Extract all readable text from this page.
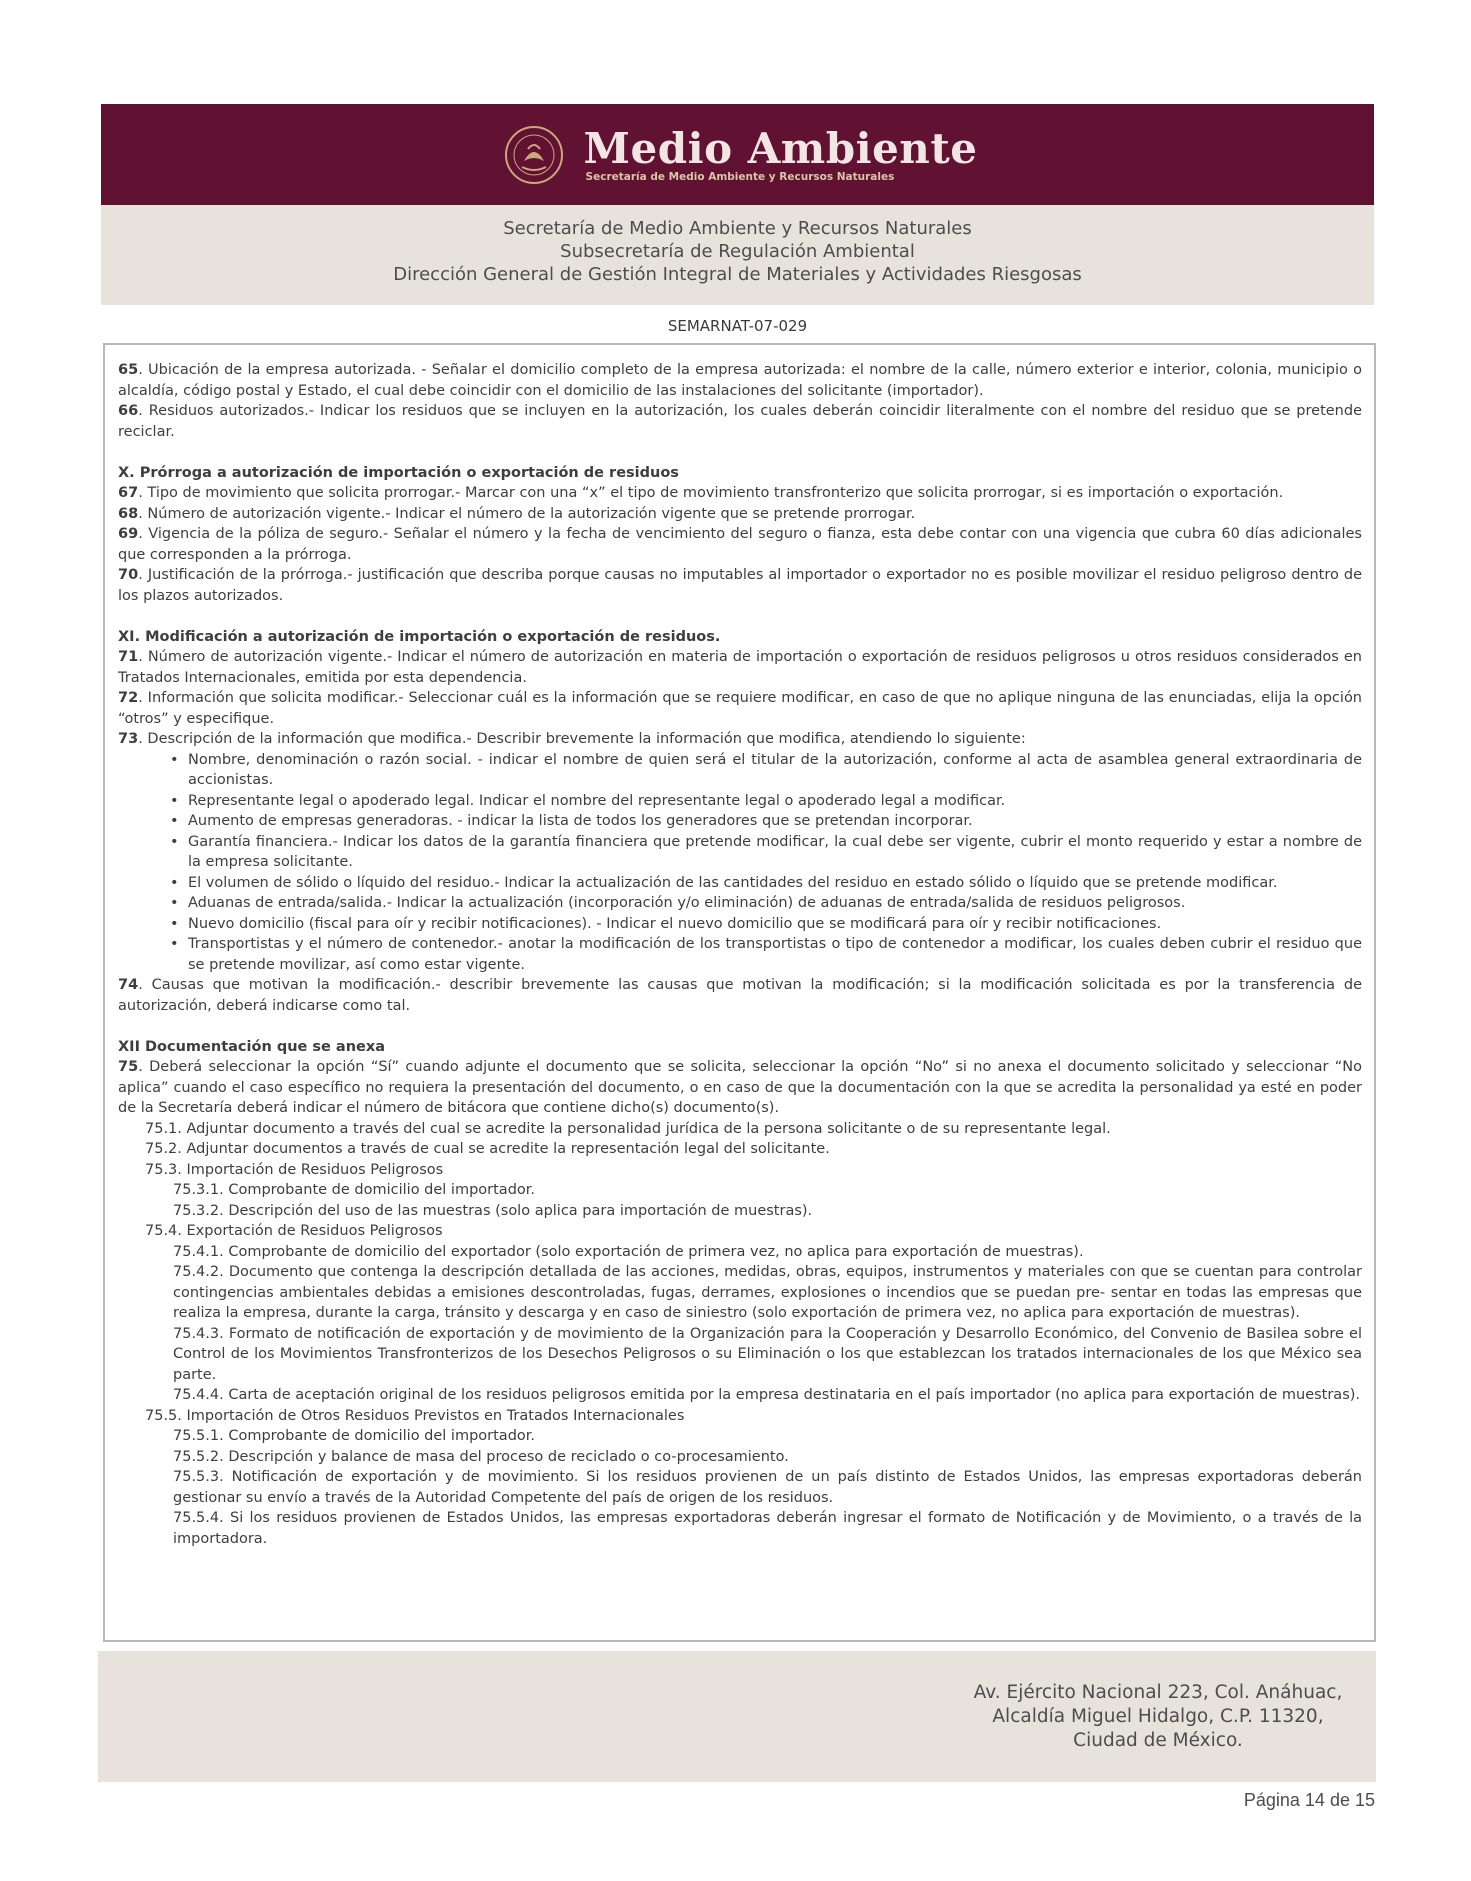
Medio Ambiente
Secretaría de Medio Ambiente y Recursos Naturales
Secretaría de Medio Ambiente y Recursos Naturales
Subsecretaría de Regulación Ambiental
Dirección General de Gestión Integral de Materiales y Actividades Riesgosas
SEMARNAT-07-029

65. Ubicación de la empresa autorizada. - Señalar el domicilio completo de la empresa autorizada: el nombre de la calle, número exterior e interior, colonia, municipio o alcaldía, código postal y Estado, el cual debe coincidir con el domicilio de las instalaciones del solicitante (importador).

66. Residuos autorizados.- Indicar los residuos que se incluyen en la autorización, los cuales deberán coincidir literalmente con el nombre del residuo que se pretende reciclar.

X. Prórroga a autorización de importación o exportación de residuos

67. Tipo de movimiento que solicita prorrogar.- Marcar con una “x” el tipo de movimiento transfronterizo que solicita prorrogar, si es importación o exportación.

68. Número de autorización vigente.- Indicar el número de la autorización vigente que se pretende prorrogar.

69. Vigencia de la póliza de seguro.- Señalar el número y la fecha de vencimiento del seguro o fianza, esta debe contar con una vigencia que cubra 60 días adicionales que corresponden a la prórroga.

70. Justificación de la prórroga.- justificación que describa porque causas no imputables al importador o exportador no es posible movilizar el residuo peligroso dentro de los plazos autorizados.

XI. Modificación a autorización de importación o exportación de residuos.

71. Número de autorización vigente.- Indicar el número de autorización en materia de importación o exportación de residuos peligrosos u otros residuos considerados en Tratados Internacionales, emitida por esta dependencia.

72. Información que solicita modificar.- Seleccionar cuál es la información que se requiere modificar, en caso de que no aplique ninguna de las enunciadas, elija la opción “otros” y especifique.

73. Descripción de la información que modifica.- Describir brevemente la información que modifica, atendiendo lo siguiente:

• Nombre, denominación o razón social. - indicar el nombre de quien será el titular de la autorización, conforme al acta de asamblea general extraordinaria de accionistas.
• Representante legal o apoderado legal. Indicar el nombre del representante legal o apoderado legal a modificar.
• Aumento de empresas generadoras. - indicar la lista de todos los generadores que se pretendan incorporar.
• Garantía financiera.- Indicar los datos de la garantía financiera que pretende modificar, la cual debe ser vigente, cubrir el monto requerido y estar a nombre de la empresa solicitante.
• El volumen de sólido o líquido del residuo.- Indicar la actualización de las cantidades del residuo en estado sólido o líquido que se pretende modificar.
• Aduanas de entrada/salida.- Indicar la actualización (incorporación y/o eliminación) de aduanas de entrada/salida de residuos peligrosos.
• Nuevo domicilio (fiscal para oír y recibir notificaciones). - Indicar el nuevo domicilio que se modificará para oír y recibir notificaciones.
• Transportistas y el número de contenedor.- anotar la modificación de los transportistas o tipo de contenedor a modificar, los cuales deben cubrir el residuo que se pretende movilizar, así como estar vigente.

74. Causas que motivan la modificación.- describir brevemente las causas que motivan la modificación; si la modificación solicitada es por la transferencia de autorización, deberá indicarse como tal.

XII Documentación que se anexa

75. Deberá seleccionar la opción “Sí” cuando adjunte el documento que se solicita, seleccionar la opción “No” si no anexa el documento solicitado y seleccionar “No aplica” cuando el caso específico no requiera la presentación del documento, o en caso de que la documentación con la que se acredita la personalidad ya esté en poder de la Secretaría deberá indicar el número de bitácora que contiene dicho(s) documento(s).

75.1. Adjuntar documento a través del cual se acredite la personalidad jurídica de la persona solicitante o de su representante legal.

75.2. Adjuntar documentos a través de cual se acredite la representación legal del solicitante.

75.3. Importación de Residuos Peligrosos

75.3.1. Comprobante de domicilio del importador.

75.3.2. Descripción del uso de las muestras (solo aplica para importación de muestras).

75.4. Exportación de Residuos Peligrosos

75.4.1. Comprobante de domicilio del exportador (solo exportación de primera vez, no aplica para exportación de muestras).

75.4.2. Documento que contenga la descripción detallada de las acciones, medidas, obras, equipos, instrumentos y materiales con que se cuentan para controlar contingencias ambientales debidas a emisiones descontroladas, fugas, derrames, explosiones o incendios que se puedan pre- sentar en todas las empresas que realiza la empresa, durante la carga, tránsito y descarga y en caso de siniestro (solo exportación de primera vez, no aplica para exportación de muestras).

75.4.3. Formato de notificación de exportación y de movimiento de la Organización para la Cooperación y Desarrollo Económico, del Convenio de Basilea sobre el Control de los Movimientos Transfronterizos de los Desechos Peligrosos o su Eliminación o los que establezcan los tratados internacionales de los que México sea parte.

75.4.4. Carta de aceptación original de los residuos peligrosos emitida por la empresa destinataria en el país importador (no aplica para exportación de muestras).

75.5. Importación de Otros Residuos Previstos en Tratados Internacionales

75.5.1. Comprobante de domicilio del importador.

75.5.2. Descripción y balance de masa del proceso de reciclado o co-procesamiento.

75.5.3. Notificación de exportación y de movimiento. Si los residuos provienen de un país distinto de Estados Unidos, las empresas exportadoras deberán gestionar su envío a través de la Autoridad Competente del país de origen de los residuos.

75.5.4. Si los residuos provienen de Estados Unidos, las empresas exportadoras deberán ingresar el formato de Notificación y de Movimiento, o a través de la importadora.

Av. Ejército Nacional 223, Col. Anáhuac,
Alcaldía Miguel Hidalgo, C.P. 11320,
Ciudad de México.
Página 14 de 15
